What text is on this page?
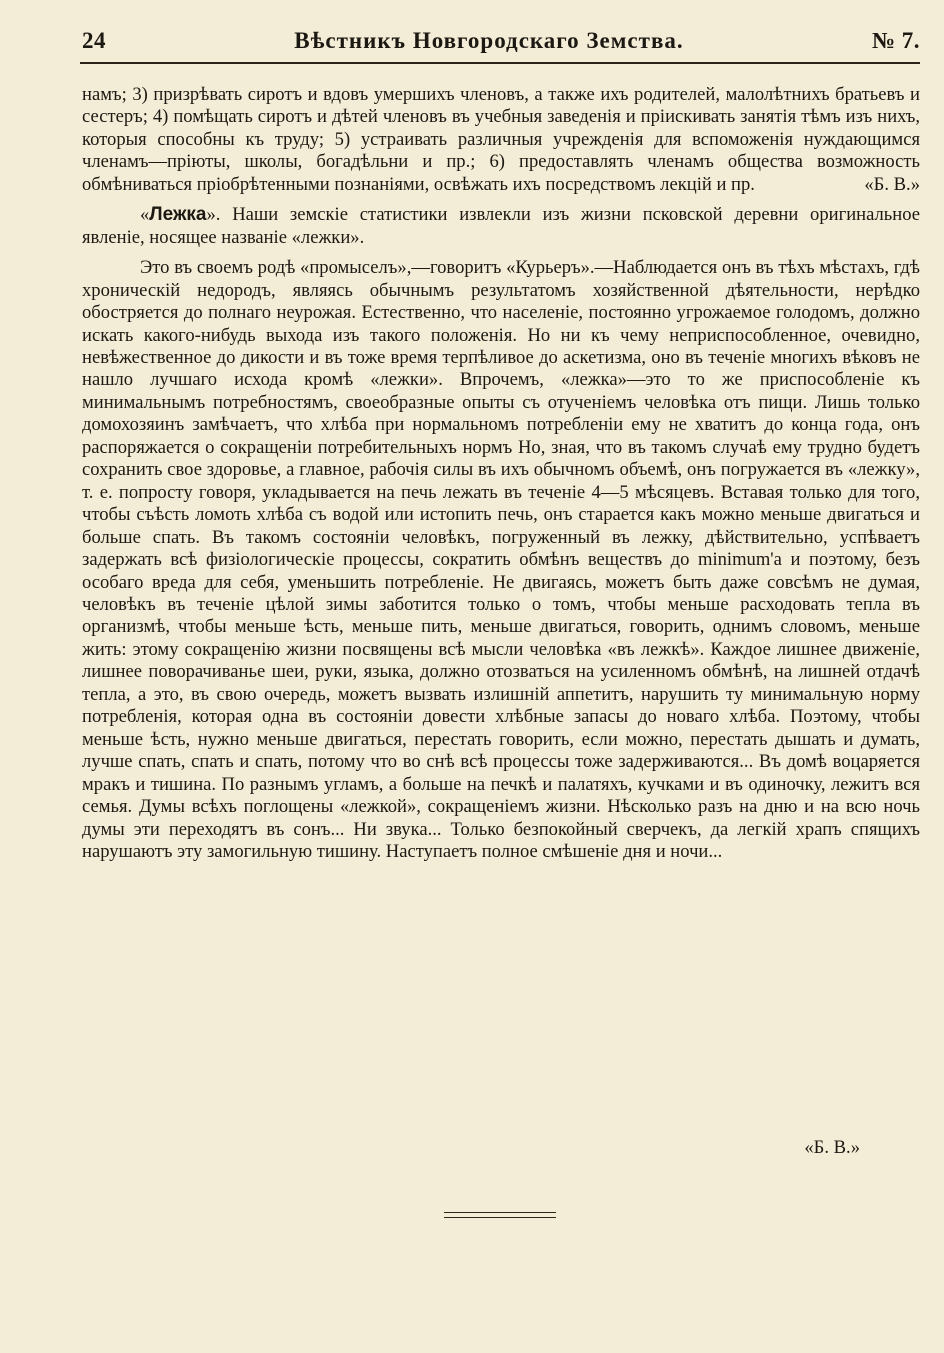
24	Вѣстникъ Новгородскаго Земства.	№ 7.

намъ; 3) призрѣвать сиротъ и вдовъ умершихъ членовъ, а также ихъ родителей, малолѣтнихъ братьевъ и сестеръ; 4) помѣщать сиротъ и дѣтей членовъ въ учебныя заведенія и пріискивать занятія тѣмъ изъ нихъ, которыя способны къ труду; 5) устраивать различныя учрежденія для вспоможенія нуждающимся членамъ—пріюты, школы, богадѣльни и пр.; 6) предоставлять членамъ общества возможность обмѣниваться пріобрѣтенными познаніями, освѣжать ихъ посредствомъ лекцій и пр.	«Б. В.»

«Лежка». Наши земскіе статистики извлекли изъ жизни псковской деревни оригинальное явленіе, носящее названіе «лежки».

Это въ своемъ родѣ «промыселъ»,—говоритъ «Курьеръ».—Наблюдается онъ въ тѣхъ мѣстахъ, гдѣ хроническій недородъ, являясь обычнымъ результатомъ хозяйственной дѣятельности, нерѣдко обостряется до полнаго неурожая. Естественно, что населеніе, постоянно угрожаемое голодомъ, должно искать какого-нибудь выхода изъ такого положенія. Но ни къ чему неприспособленное, очевидно, невѣжественное до дикости и въ тоже время терпѣливое до аскетизма, оно въ теченіе многихъ вѣковъ не нашло лучшаго исхода кромѣ «лежки». Впрочемъ, «лежка»—это то же приспособленіе къ минимальнымъ потребностямъ, своеобразные опыты съ отученіемъ человѣка отъ пищи. Лишь только домохозяинъ замѣчаетъ, что хлѣба при нормальномъ потребленіи ему не хватитъ до конца года, онъ распоряжается о сокращеніи потребительныхъ нормъ Но, зная, что въ такомъ случаѣ ему трудно будетъ сохранить свое здоровье, а главное, рабочія силы въ ихъ обычномъ объемѣ, онъ погружается въ «лежку», т. е. попросту говоря, укладывается на печь лежать въ теченіе 4—5 мѣсяцевъ. Вставая только для того, чтобы съѣсть ломоть хлѣба съ водой или истопить печь, онъ старается какъ можно меньше двигаться и больше спать. Въ такомъ состояніи человѣкъ, погруженный въ лежку, дѣйствительно, успѣваетъ задержать всѣ физіологическіе процессы, сократить обмѣнъ веществъ до minimum'a и поэтому, безъ особаго вреда для себя, уменьшить потребленіе. Не двигаясь, можетъ быть даже совсѣмъ не думая, человѣкъ въ теченіе цѣлой зимы заботится только о томъ, чтобы меньше расходовать тепла въ организмѣ, чтобы меньше ѣсть, меньше пить, меньше двигаться, говорить, однимъ словомъ, меньше жить: этому сокращенію жизни посвящены всѣ мысли человѣка «въ лежкѣ». Каждое лишнее движеніе, лишнее поворачиванье шеи, руки, языка, должно отозваться на усиленномъ обмѣнѣ, на лишней отдачѣ тепла, а это, въ свою очередь, можетъ вызвать излишній аппетитъ, нарушить ту минимальную норму потребленія, которая одна въ состояніи довести хлѣбные запасы до новаго хлѣба. Поэтому, чтобы меньше ѣсть, нужно меньше двигаться, перестать говорить, если можно, перестать дышать и думать, лучше спать, спать и спать, потому что во снѣ всѣ процессы тоже задерживаются... Въ домѣ воцаряется мракъ и тишина. По разнымъ угламъ, а больше на печкѣ и палатяхъ, кучками и въ одиночку, лежитъ вся семья. Думы всѣхъ поглощены «лежкой», сокращеніемъ жизни. Нѣсколько разъ на дню и на всю ночь думы эти переходятъ въ сонъ... Ни звука... Только безпокойный сверчекъ, да легкій храпъ спящихъ нарушаютъ эту замогильную тишину. Наступаетъ полное смѣшеніе дня и ночи...

«Б. В.»
